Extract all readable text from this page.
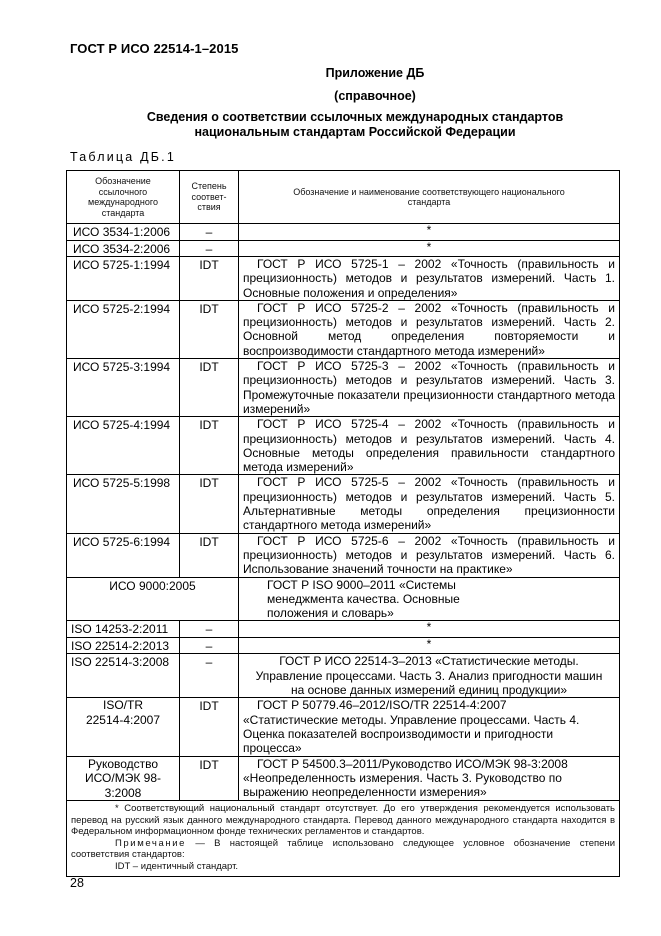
ГОСТ Р ИСО 22514-1–2015
Приложение ДБ
(справочное)
Сведения о соответствии ссылочных международных стандартов
национальным стандартам Российской Федерации
Таблица ДБ.1
Обозначение ссылочного международного стандарта	Степень соответ-ствия	Обозначение и наименование соответствующего национального стандарта

ИСО 3534-1:2006	–	*
ИСО 3534-2:2006	–	*
ИСО 5725-1:1994	IDT	ГОСТ Р ИСО 5725-1 – 2002 «Точность (правильность и прецизионность) методов и результатов измерений. Часть 1. Основные положения и определения»
ИСО 5725-2:1994	IDT	ГОСТ Р ИСО 5725-2 – 2002 «Точность (правильность и прецизионность) методов и результатов измерений. Часть 2. Основной метод определения повторяемости и воспроизводимости стандартного метода измерений»
ИСО 5725-3:1994	IDT	ГОСТ Р ИСО 5725-3 – 2002 «Точность (правильность и прецизионность) методов и результатов измерений. Часть 3. Промежуточные показатели прецизионности стандартного метода измерений»
ИСО 5725-4:1994	IDT	ГОСТ Р ИСО 5725-4 – 2002 «Точность (правильность и прецизионность) методов и результатов измерений. Часть 4. Основные методы определения правильности стандартного метода измерений»
ИСО 5725-5:1998	IDT	ГОСТ Р ИСО 5725-5 – 2002 «Точность (правильность и прецизионность) методов и результатов измерений. Часть 5. Альтернативные методы определения прецизионности стандартного метода измерений»
ИСО 5725-6:1994	IDT	ГОСТ Р ИСО 5725-6 – 2002 «Точность (правильность и прецизионность) методов и результатов измерений. Часть 6. Использование значений точности на практике»
ИСО 9000:2005		ГОСТ Р ISO 9000–2011 «Системы менеджмента качества. Основные положения и словарь»
ISO 14253-2:2011	–	*
ISO 22514-2:2013	–	*
ISO 22514-3:2008	–	ГОСТ Р ИСО 22514-3–2013 «Статистические методы. Управление процессами. Часть 3. Анализ пригодности машин на основе данных измерений единиц продукции»
ISO/TR 22514-4:2007	IDT	ГОСТ Р 50779.46–2012/ISO/TR 22514-4:2007 «Статистические методы. Управление процессами. Часть 4. Оценка показателей воспроизводимости и пригодности процесса»
Руководство ИСО/МЭК 98-3:2008	IDT	ГОСТ Р 54500.3–2011/Руководство ИСО/МЭК 98-3:2008 «Неопределенность измерения. Часть 3. Руководство по выражению неопределенности измерения»

* Соответствующий национальный стандарт отсутствует. До его утверждения рекомендуется использовать перевод на русский язык данного международного стандарта. Перевод данного международного стандарта находится в Федеральном информационном фонде технических регламентов и стандартов.

Примечание — В настоящей таблице использовано следующее условное обозначение степени соответствия стандартов:

IDT – идентичный стандарт.		

28
